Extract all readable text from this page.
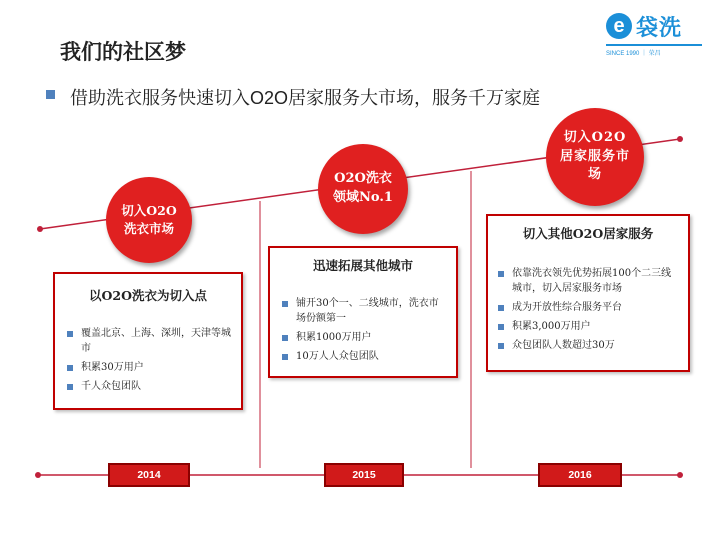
e 袋洗
SINCE 1990 ｜ 荣昌
我们的社区梦
借助洗衣服务快速切入O2O居家服务大市场，服务千万家庭
切入O2O
洗衣市场
O2O洗衣
领域No.1
切入O2O
居家服务市
场
以O2O洗衣为切入点
覆盖北京、上海、深圳，天津等城市
积累30万用户
千人众包团队
迅速拓展其他城市
铺开30个一、二线城市，洗衣市场份额第一
积累1000万用户
10万人人众包团队
切入其他O2O居家服务
依靠洗衣领先优势拓展100个二三线城市，切入居家服务市场
成为开放性综合服务平台
积累3,000万用户
众包团队人数超过30万
2014	2015	2016
